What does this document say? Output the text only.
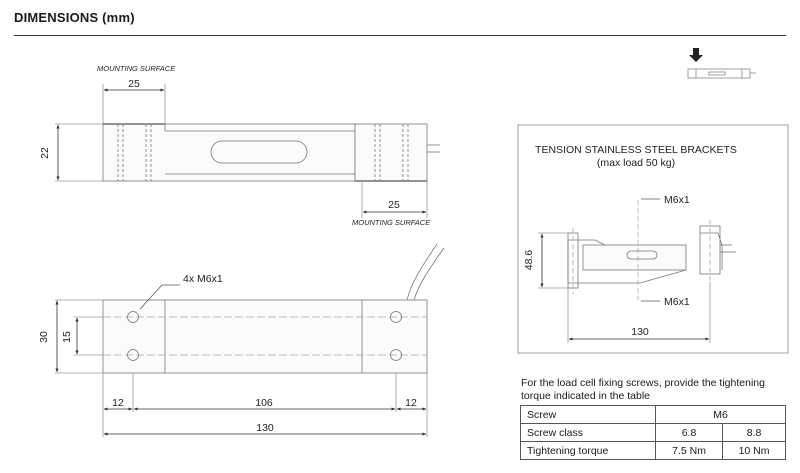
DIMENSIONS (mm)
MOUNTING SURFACE
25
22
25
MOUNTING SURFACE
4x M6x1
30 15
12	106	12
130
TENSION STAINLESS STEEL BRACKETS
(max load 50 kg)
M6x1
M6x1
48.6
130
For the load cell fixing screws, provide the tightening torque indicated in the table
Screw	M6	
Screw class	6.8	8.8
Tightening torque	7.5 Nm	10 Nm
